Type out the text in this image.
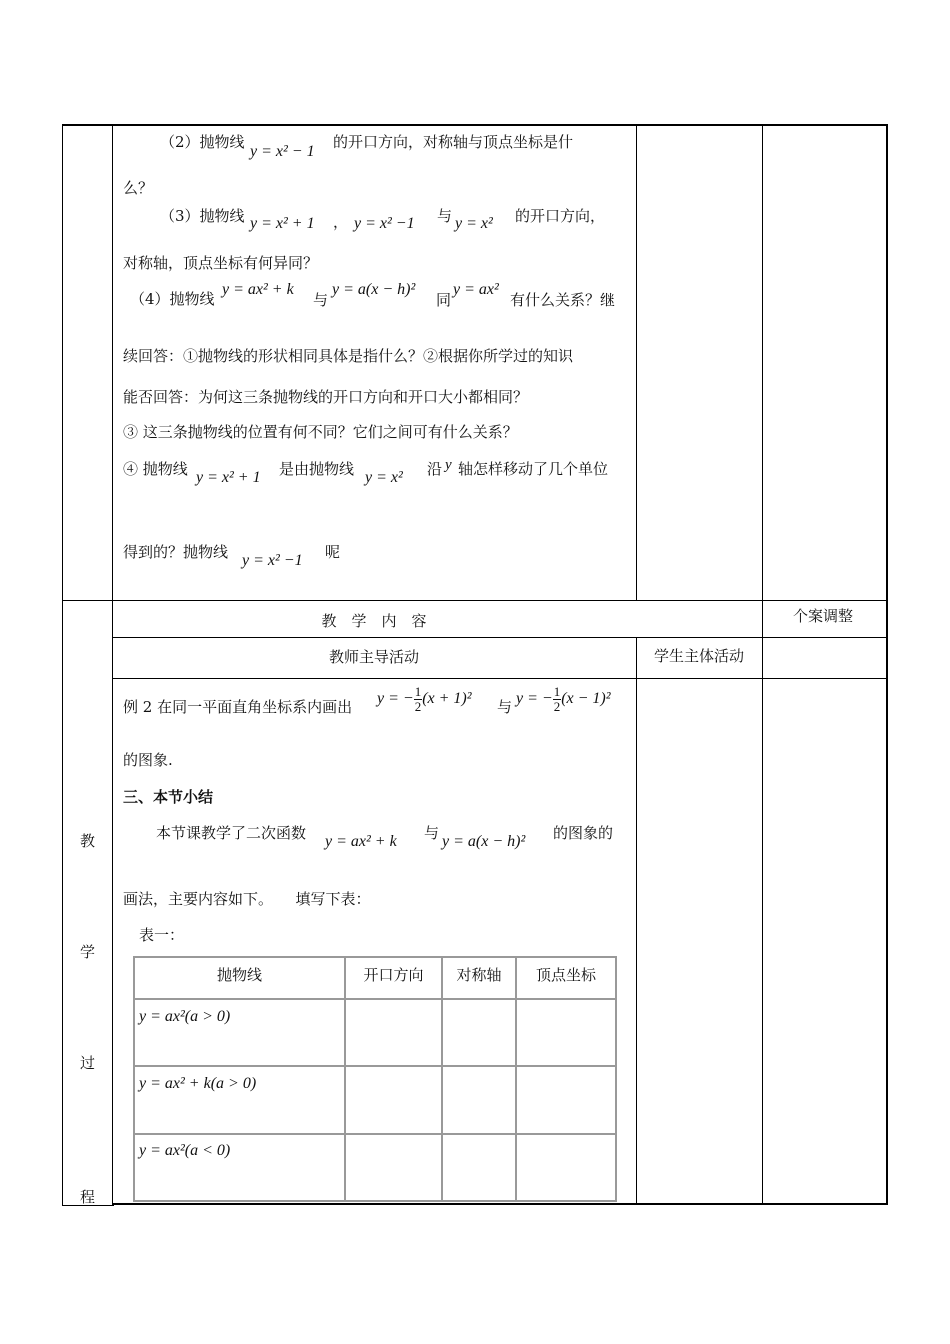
（2）抛物线
y = x² − 1
的开口方向，对称轴与顶点坐标是什
么？
（3）抛物线 y = x² + 1 ， y = x² −1 与 y = x² 的开口方向，
对称轴，顶点坐标有何异同？
（4）抛物线
y = ax² + k
与
y = a(x − h)²
同
y = ax²
有什么关系？继
续回答：①抛物线的形状相同具体是指什么？②根据你所学过的知识
能否回答：为何这三条抛物线的开口方向和开口大小都相同？
③ 这三条抛物线的位置有何不同？它们之间可有什么关系？
④ 抛物线 y = x² + 1 是由抛物线 y = x² 沿 y 轴怎样移动了几个单位
得到的？抛物线 y = x² −1 呢
教　学　内　容	个案调整
教师主导活动	学生主体活动
教
学
过
程
例 2 在同一平面直角坐标系内画出 y = − $\frac{1}{2} (x + 1)^2$ 与 y = − $\frac{1}{2} (x - 1)^2$
的图象.
三、本节小结
本节课教学了二次函数 y = ax² + k 与 y = a(x − h)² 的图象的
画法，主要内容如下。　　填写下表：
表一：
抛物线	开口方向	对称轴	顶点坐标
y = ax²(a > 0)
y = ax² + k(a > 0)
y = ax²(a < 0)
